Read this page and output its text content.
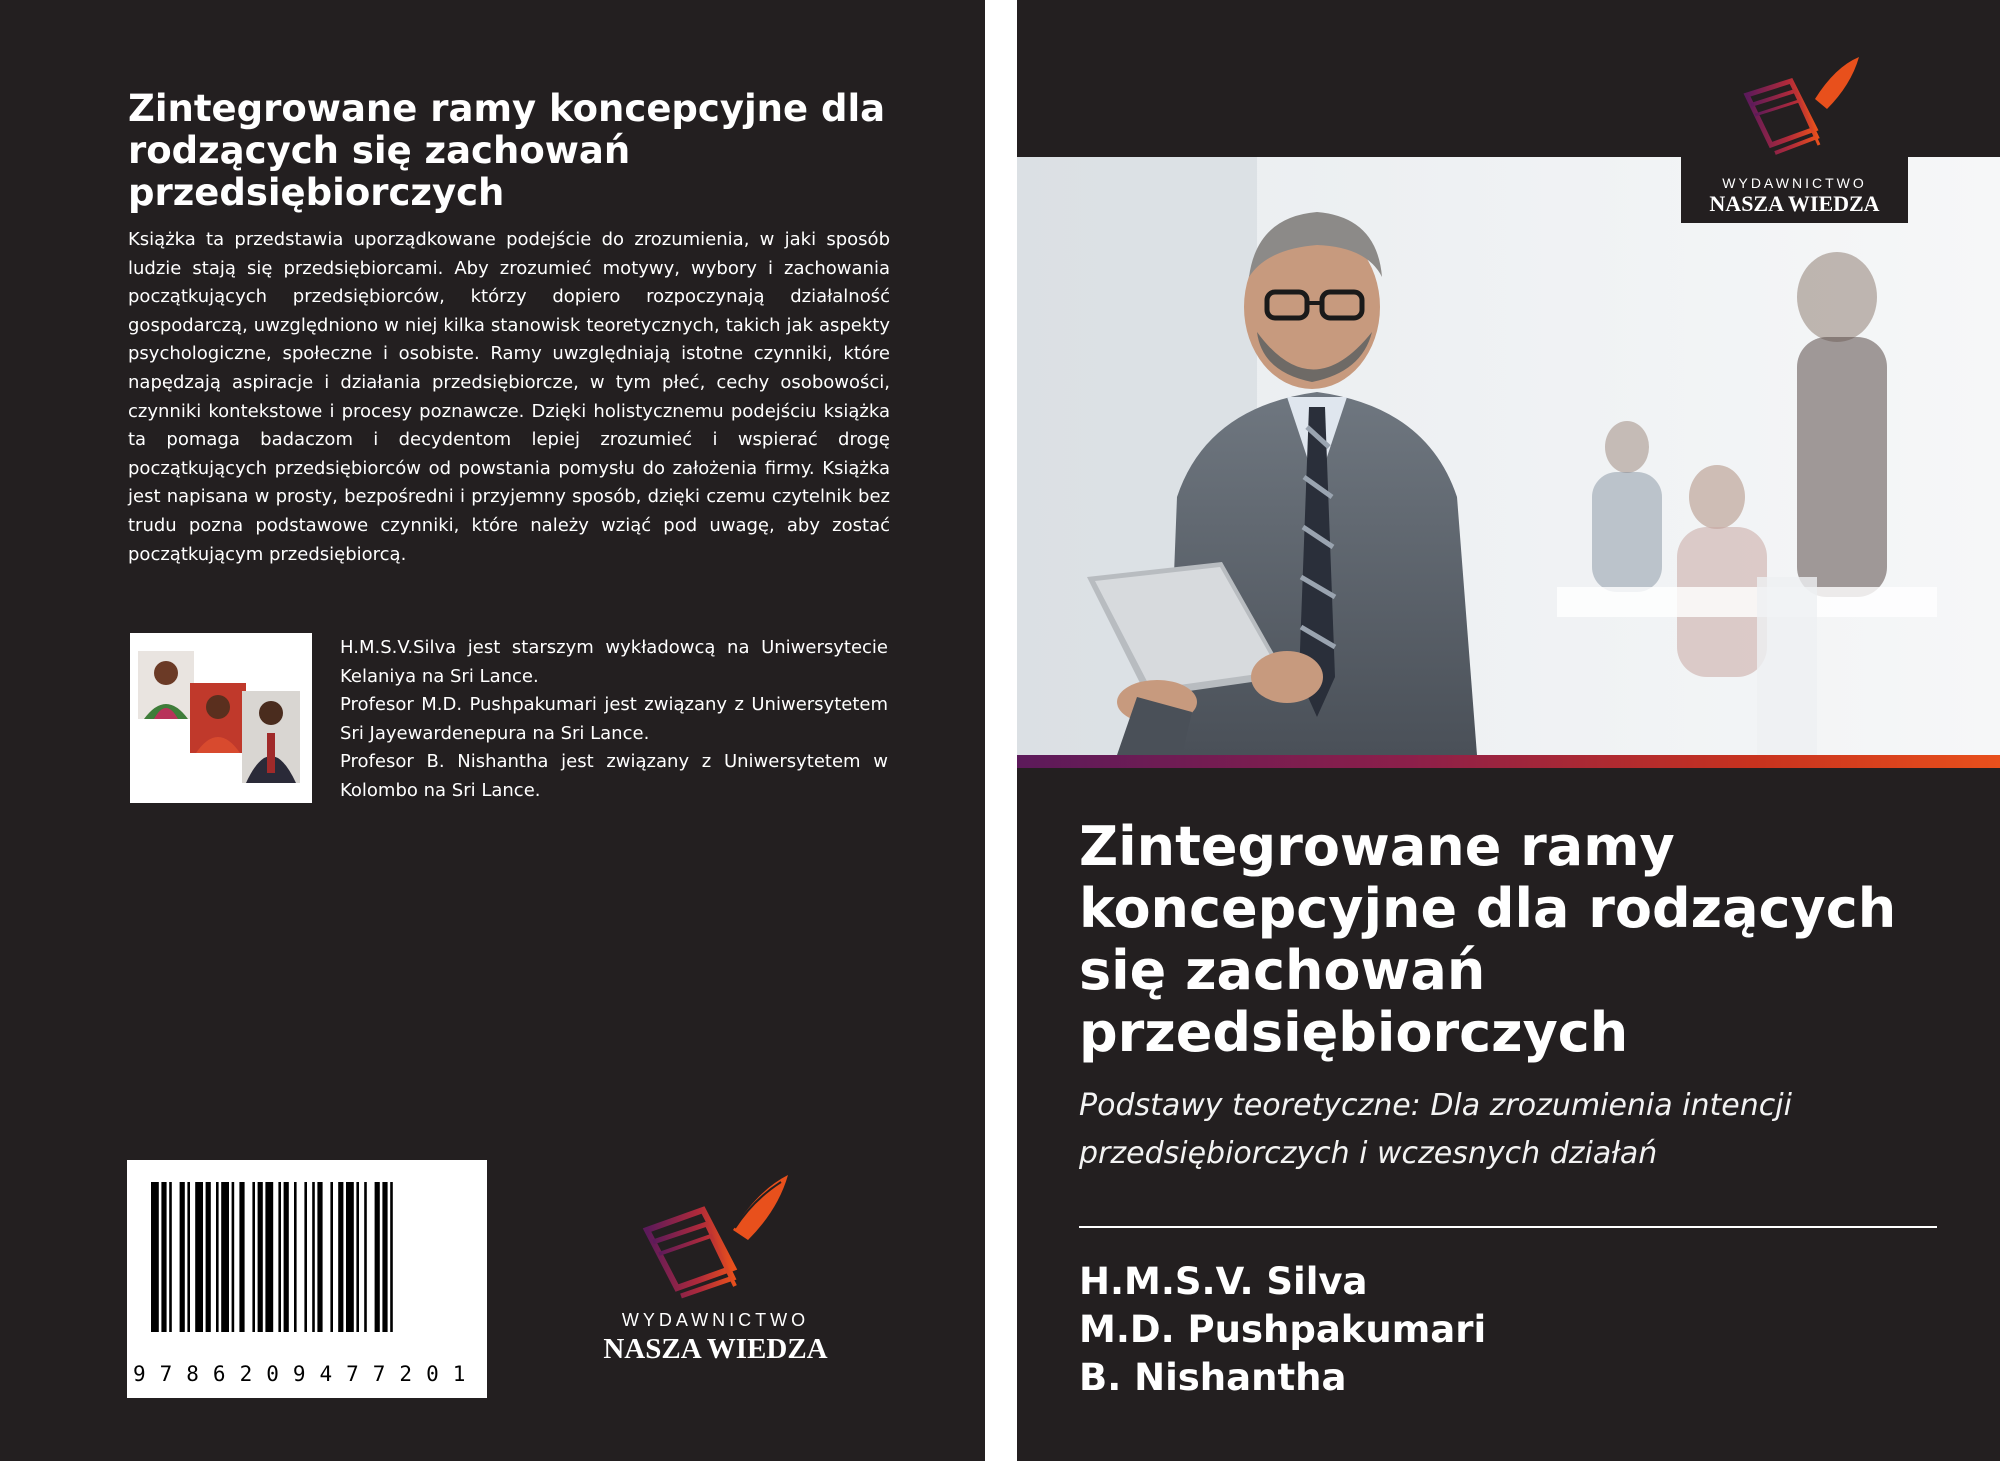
Zintegrowane ramy koncepcyjne dla rodzących się zachowań przedsiębiorczych

Książka ta przedstawia uporządkowane podejście do zrozumienia, w jaki sposób ludzie stają się przedsiębiorcami. Aby zrozumieć motywy, wybory i zachowania początkujących przedsiębiorców, którzy dopiero rozpoczynają działalność gospodarczą, uwzględniono w niej kilka stanowisk teoretycznych, takich jak aspekty psychologiczne, społeczne i osobiste. Ramy uwzględniają istotne czynniki, które napędzają aspiracje i działania przedsiębiorcze, w tym płeć, cechy osobowości, czynniki kontekstowe i procesy poznawcze. Dzięki holistycznemu podejściu książka ta pomaga badaczom i decydentom lepiej zrozumieć i wspierać drogę początkujących przedsiębiorców od powstania pomysłu do założenia firmy. Książka jest napisana w prosty, bezpośredni i przyjemny sposób, dzięki czemu czytelnik bez trudu pozna podstawowe czynniki, które należy wziąć pod uwagę, aby zostać początkującym przedsiębiorcą.

H.M.S.V.Silva jest starszym wykładowcą na Uniwersytecie Kelaniya na Sri Lance.

Profesor M.D. Pushpakumari jest związany z Uniwersytetem Sri Jayewardenepura na Sri Lance.

Profesor B. Nishantha jest związany z Uniwersytetem w Kolombo na Sri Lance.

9786209477201
WYDAWNICTWO
NASZA WIEDZA
WYDAWNICTWO
NASZA WIEDZA
Zintegrowane ramy koncepcyjne dla rodzących się zachowań przedsiębiorczych

Podstawy teoretyczne: Dla zrozumienia intencji przedsiębiorczych i wczesnych działań

H.M.S.V. Silva
M.D. Pushpakumari
B. Nishantha
